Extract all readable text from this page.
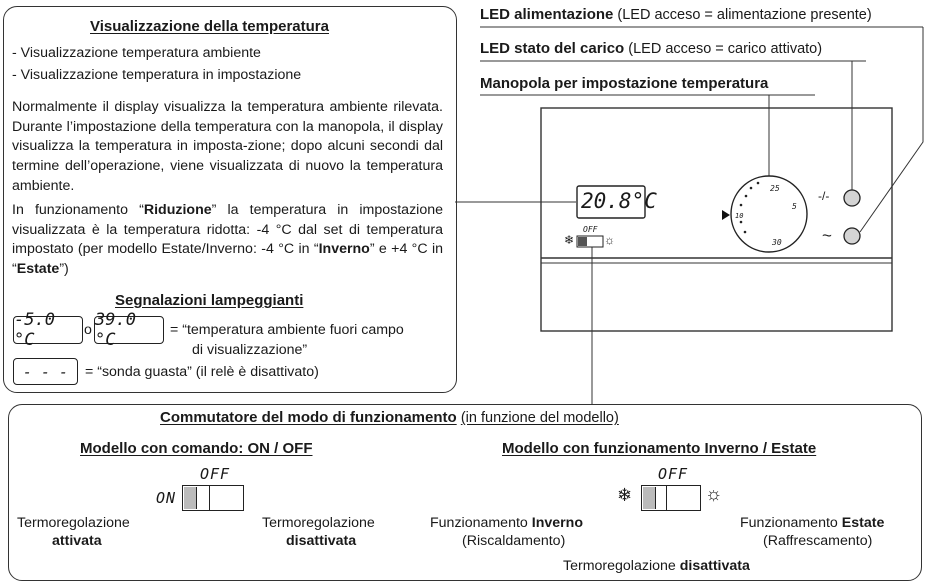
Visualizzazione della temperatura
- Visualizzazione temperatura ambiente
- Visualizzazione temperatura in impostazione
Normalmente il display visualizza la temperatura ambiente rilevata. Durante l’impostazione della temperatura con la manopola, il display visualizza la temperatura in imposta-zione; dopo alcuni secondi dal termine dell’operazione, viene visualizzata di nuovo la temperatura ambiente.
In funzionamento “Riduzione” la temperatura in impostazione visualizzata è la temperatura ridotta: -4 °C dal set di temperatura impostato (per modello Estate/Inverno: -4 °C in “Inverno” e +4 °C in “Estate”)
Segnalazioni lampeggianti
-5.0 °C	o 39.0 °C	= “temperatura ambiente fuori campo
di visualizzazione”
- - -	= “sonda guasta” (il relè è disattivato)
LED alimentazione (LED acceso = alimentazione presente)
LED stato del carico (LED acceso = carico attivato)
Manopola per impostazione temperatura
20.8°C
OFF
❄ ☼
25
5
30
10
-/-
~
Commutatore del modo di funzionamento (in funzione del modello)
Modello con comando: ON / OFF
OFF
ON
Termoregolazione
attivata
Termoregolazione
disattivata
Modello con funzionamento Inverno / Estate
OFF
❄	☼
Funzionamento Inverno
(Riscaldamento)
Funzionamento Estate
(Raffrescamento)
Termoregolazione disattivata
